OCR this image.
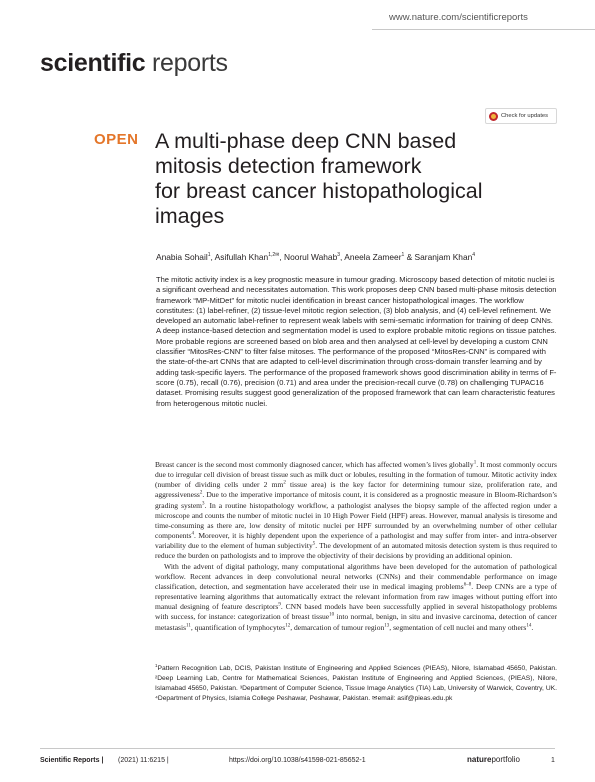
www.nature.com/scientificreports
scientific reports
Check for updates
OPEN A multi-phase deep CNN based
mitosis detection framework
for breast cancer histopathological
images
Anabia Sohail$^1$, Asifullah Khan$^{1,2✉}$, Noorul Wahab$^3$, Aneela Zameer$^1$ & Saranjam Khan$^4$
The mitotic activity index is a key prognostic measure in tumour grading. Microscopy based detection of mitotic nuclei is a significant overhead and necessitates automation. This work proposes deep CNN based multi-phase mitosis detection framework “MP-MitDet” for mitotic nuclei identification in breast cancer histopathological images. The workflow constitutes: (1) label-refiner, (2) tissue-level mitotic region selection, (3) blob analysis, and (4) cell-level refinement. We developed an automatic label-refiner to represent weak labels with semi-sematic information for training of deep CNNs. A deep instance-based detection and segmentation model is used to explore probable mitotic regions on tissue patches. More probable regions are screened based on blob area and then analysed at cell-level by developing a custom CNN classifier “MitosRes-CNN” to filter false mitoses. The performance of the proposed “MitosRes-CNN” is compared with the state-of-the-art CNNs that are adapted to cell-level discrimination through cross-domain transfer learning and by adding task-specific layers. The performance of the proposed framework shows good discrimination ability in terms of F-score (0.75), recall (0.76), precision (0.71) and area under the precision-recall curve (0.78) on challenging TUPAC16 dataset. Promising results suggest good generalization of the proposed framework that can learn characteristic features from heterogenous mitotic nuclei.

Breast cancer is the second most commonly diagnosed cancer, which has affected women’s lives globally$^1$. It most commonly occurs due to irregular cell division of breast tissue such as milk duct or lobules, resulting in the formation of tumour. Mitotic activity index (number of dividing cells under 2 $mm^2$ tissue area) is the key factor for determining tumour size, proliferation rate, and aggressiveness$^2$. Due to the imperative importance of mitosis count, it is considered as a prognostic measure in Bloom-Richardson’s grading system$^3$. In a routine histopathology workflow, a pathologist analyses the biopsy sample of the affected region under a microscope and counts the number of mitotic nuclei in 10 High Power Field (HPF) areas. However, manual analysis is tiresome and time-consuming as there are, low density of mitotic nuclei per HPF surrounded by an overwhelming number of other cellular components$^4$. Moreover, it is highly dependent upon the experience of a pathologist and may suffer from inter- and intra-observer variability due to the element of human subjectivity$^5$. The development of an automated mitosis detection system is thus required to reduce the burden on pathologists and to improve the objectivity of their decisions by providing an additional opinion.

With the advent of digital pathology, many computational algorithms have been developed for the automation of pathological workflow. Recent advances in deep convolutional neural networks (CNNs) and their commendable performance on image classification, detection, and segmentation have accelerated their use in medical imaging problems$^{6-8}$. Deep CNNs are a type of representative learning algorithms that automatically extract the relevant information from raw images without putting effort into manual designing of feature descriptors$^9$. CNN based models have been successfully applied in several histopathology problems with success, for instance: categorization of breast tissue$^{10}$ into normal, benign, in situ and invasive carcinoma, detection of cancer metastasis$^{11}$, quantification of lymphocytes$^{12}$, demarcation of tumour region$^{13}$, segmentation of cell nuclei and many others$^{14}$.

$^1$Pattern Recognition Lab, DCIS, Pakistan Institute of Engineering and Applied Sciences (PIEAS), Nilore, Islamabad 45650, Pakistan. ²Deep Learning Lab, Centre for Mathematical Sciences, Pakistan Institute of Engineering and Applied Sciences, (PIEAS), Nilore, Islamabad 45650, Pakistan. ³Department of Computer Science, Tissue Image Analytics (TIA) Lab, University of Warwick, Coventry, UK. ⁴Department of Physics, Islamia College Peshawar, Peshawar, Pakistan. ✉email: asif@pieas.edu.pk
Scientific Reports | (2021) 11:6215 |	https://doi.org/10.1038/s41598-021-85652-1	natureportfolio	1
